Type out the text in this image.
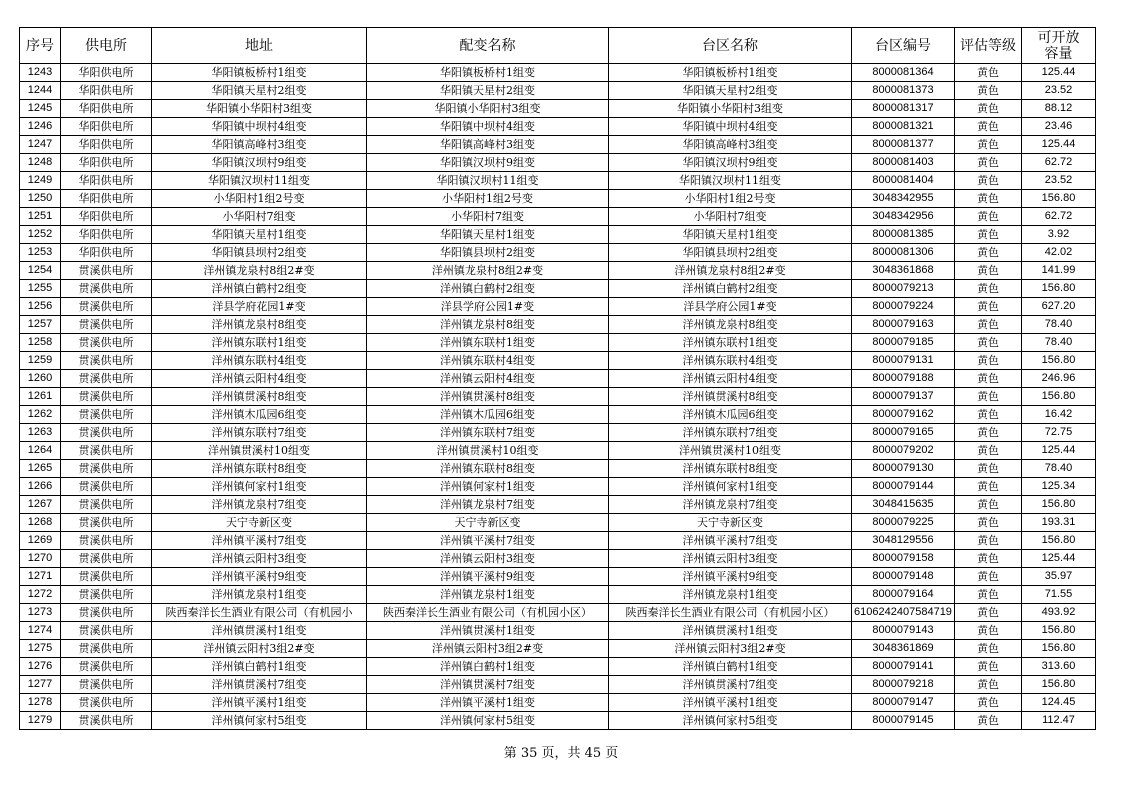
序号	供电所	地址	配变名称	台区名称	台区编号	评估等级	可开放容量
1243	华阳供电所	华阳镇板桥村1组变	华阳镇板桥村1组变	华阳镇板桥村1组变	8000081364	黄色	125.44
1244	华阳供电所	华阳镇天星村2组变	华阳镇天星村2组变	华阳镇天星村2组变	8000081373	黄色	23.52
1245	华阳供电所	华阳镇小华阳村3组变	华阳镇小华阳村3组变	华阳镇小华阳村3组变	8000081317	黄色	88.12
1246	华阳供电所	华阳镇中坝村4组变	华阳镇中坝村4组变	华阳镇中坝村4组变	8000081321	黄色	23.46
1247	华阳供电所	华阳镇高峰村3组变	华阳镇高峰村3组变	华阳镇高峰村3组变	8000081377	黄色	125.44
1248	华阳供电所	华阳镇汉坝村9组变	华阳镇汉坝村9组变	华阳镇汉坝村9组变	8000081403	黄色	62.72
1249	华阳供电所	华阳镇汉坝村11组变	华阳镇汉坝村11组变	华阳镇汉坝村11组变	8000081404	黄色	23.52
1250	华阳供电所	小华阳村1组2号变	小华阳村1组2号变	小华阳村1组2号变	3048342955	黄色	156.80
1251	华阳供电所	小华阳村7组变	小华阳村7组变	小华阳村7组变	3048342956	黄色	62.72
1252	华阳供电所	华阳镇天星村1组变	华阳镇天星村1组变	华阳镇天星村1组变	8000081385	黄色	3.92
1253	华阳供电所	华阳镇县坝村2组变	华阳镇县坝村2组变	华阳镇县坝村2组变	8000081306	黄色	42.02
1254	贯溪供电所	洋州镇龙泉村8组2#变	洋州镇龙泉村8组2#变	洋州镇龙泉村8组2#变	3048361868	黄色	141.99
1255	贯溪供电所	洋州镇白鹤村2组变	洋州镇白鹤村2组变	洋州镇白鹤村2组变	8000079213	黄色	156.80
1256	贯溪供电所	洋县学府花园1#变	洋县学府公园1#变	洋县学府公园1#变	8000079224	黄色	627.20
1257	贯溪供电所	洋州镇龙泉村8组变	洋州镇龙泉村8组变	洋州镇龙泉村8组变	8000079163	黄色	78.40
1258	贯溪供电所	洋州镇东联村1组变	洋州镇东联村1组变	洋州镇东联村1组变	8000079185	黄色	78.40
1259	贯溪供电所	洋州镇东联村4组变	洋州镇东联村4组变	洋州镇东联村4组变	8000079131	黄色	156.80
1260	贯溪供电所	洋州镇云阳村4组变	洋州镇云阳村4组变	洋州镇云阳村4组变	8000079188	黄色	246.96
1261	贯溪供电所	洋州镇贯溪村8组变	洋州镇贯溪村8组变	洋州镇贯溪村8组变	8000079137	黄色	156.80
1262	贯溪供电所	洋州镇木瓜园6组变	洋州镇木瓜园6组变	洋州镇木瓜园6组变	8000079162	黄色	16.42
1263	贯溪供电所	洋州镇东联村7组变	洋州镇东联村7组变	洋州镇东联村7组变	8000079165	黄色	72.75
1264	贯溪供电所	洋州镇贯溪村10组变	洋州镇贯溪村10组变	洋州镇贯溪村10组变	8000079202	黄色	125.44
1265	贯溪供电所	洋州镇东联村8组变	洋州镇东联村8组变	洋州镇东联村8组变	8000079130	黄色	78.40
1266	贯溪供电所	洋州镇何家村1组变	洋州镇何家村1组变	洋州镇何家村1组变	8000079144	黄色	125.34
1267	贯溪供电所	洋州镇龙泉村7组变	洋州镇龙泉村7组变	洋州镇龙泉村7组变	3048415635	黄色	156.80
1268	贯溪供电所	天宁寺新区变	天宁寺新区变	天宁寺新区变	8000079225	黄色	193.31
1269	贯溪供电所	洋州镇平溪村7组变	洋州镇平溪村7组变	洋州镇平溪村7组变	3048129556	黄色	156.80
1270	贯溪供电所	洋州镇云阳村3组变	洋州镇云阳村3组变	洋州镇云阳村3组变	8000079158	黄色	125.44
1271	贯溪供电所	洋州镇平溪村9组变	洋州镇平溪村9组变	洋州镇平溪村9组变	8000079148	黄色	35.97
1272	贯溪供电所	洋州镇龙泉村1组变	洋州镇龙泉村1组变	洋州镇龙泉村1组变	8000079164	黄色	71.55
1273	贯溪供电所	陕西秦洋长生酒业有限公司（有机园小	陕西秦洋长生酒业有限公司（有机园小区）	陕西秦洋长生酒业有限公司（有机园小区）	6106242407584719	黄色	493.92
1274	贯溪供电所	洋州镇贯溪村1组变	洋州镇贯溪村1组变	洋州镇贯溪村1组变	8000079143	黄色	156.80
1275	贯溪供电所	洋州镇云阳村3组2#变	洋州镇云阳村3组2#变	洋州镇云阳村3组2#变	3048361869	黄色	156.80
1276	贯溪供电所	洋州镇白鹤村1组变	洋州镇白鹤村1组变	洋州镇白鹤村1组变	8000079141	黄色	313.60
1277	贯溪供电所	洋州镇贯溪村7组变	洋州镇贯溪村7组变	洋州镇贯溪村7组变	8000079218	黄色	156.80
1278	贯溪供电所	洋州镇平溪村1组变	洋州镇平溪村1组变	洋州镇平溪村1组变	8000079147	黄色	124.45
1279	贯溪供电所	洋州镇何家村5组变	洋州镇何家村5组变	洋州镇何家村5组变	8000079145	黄色	112.47
第 35 页，共 45 页
